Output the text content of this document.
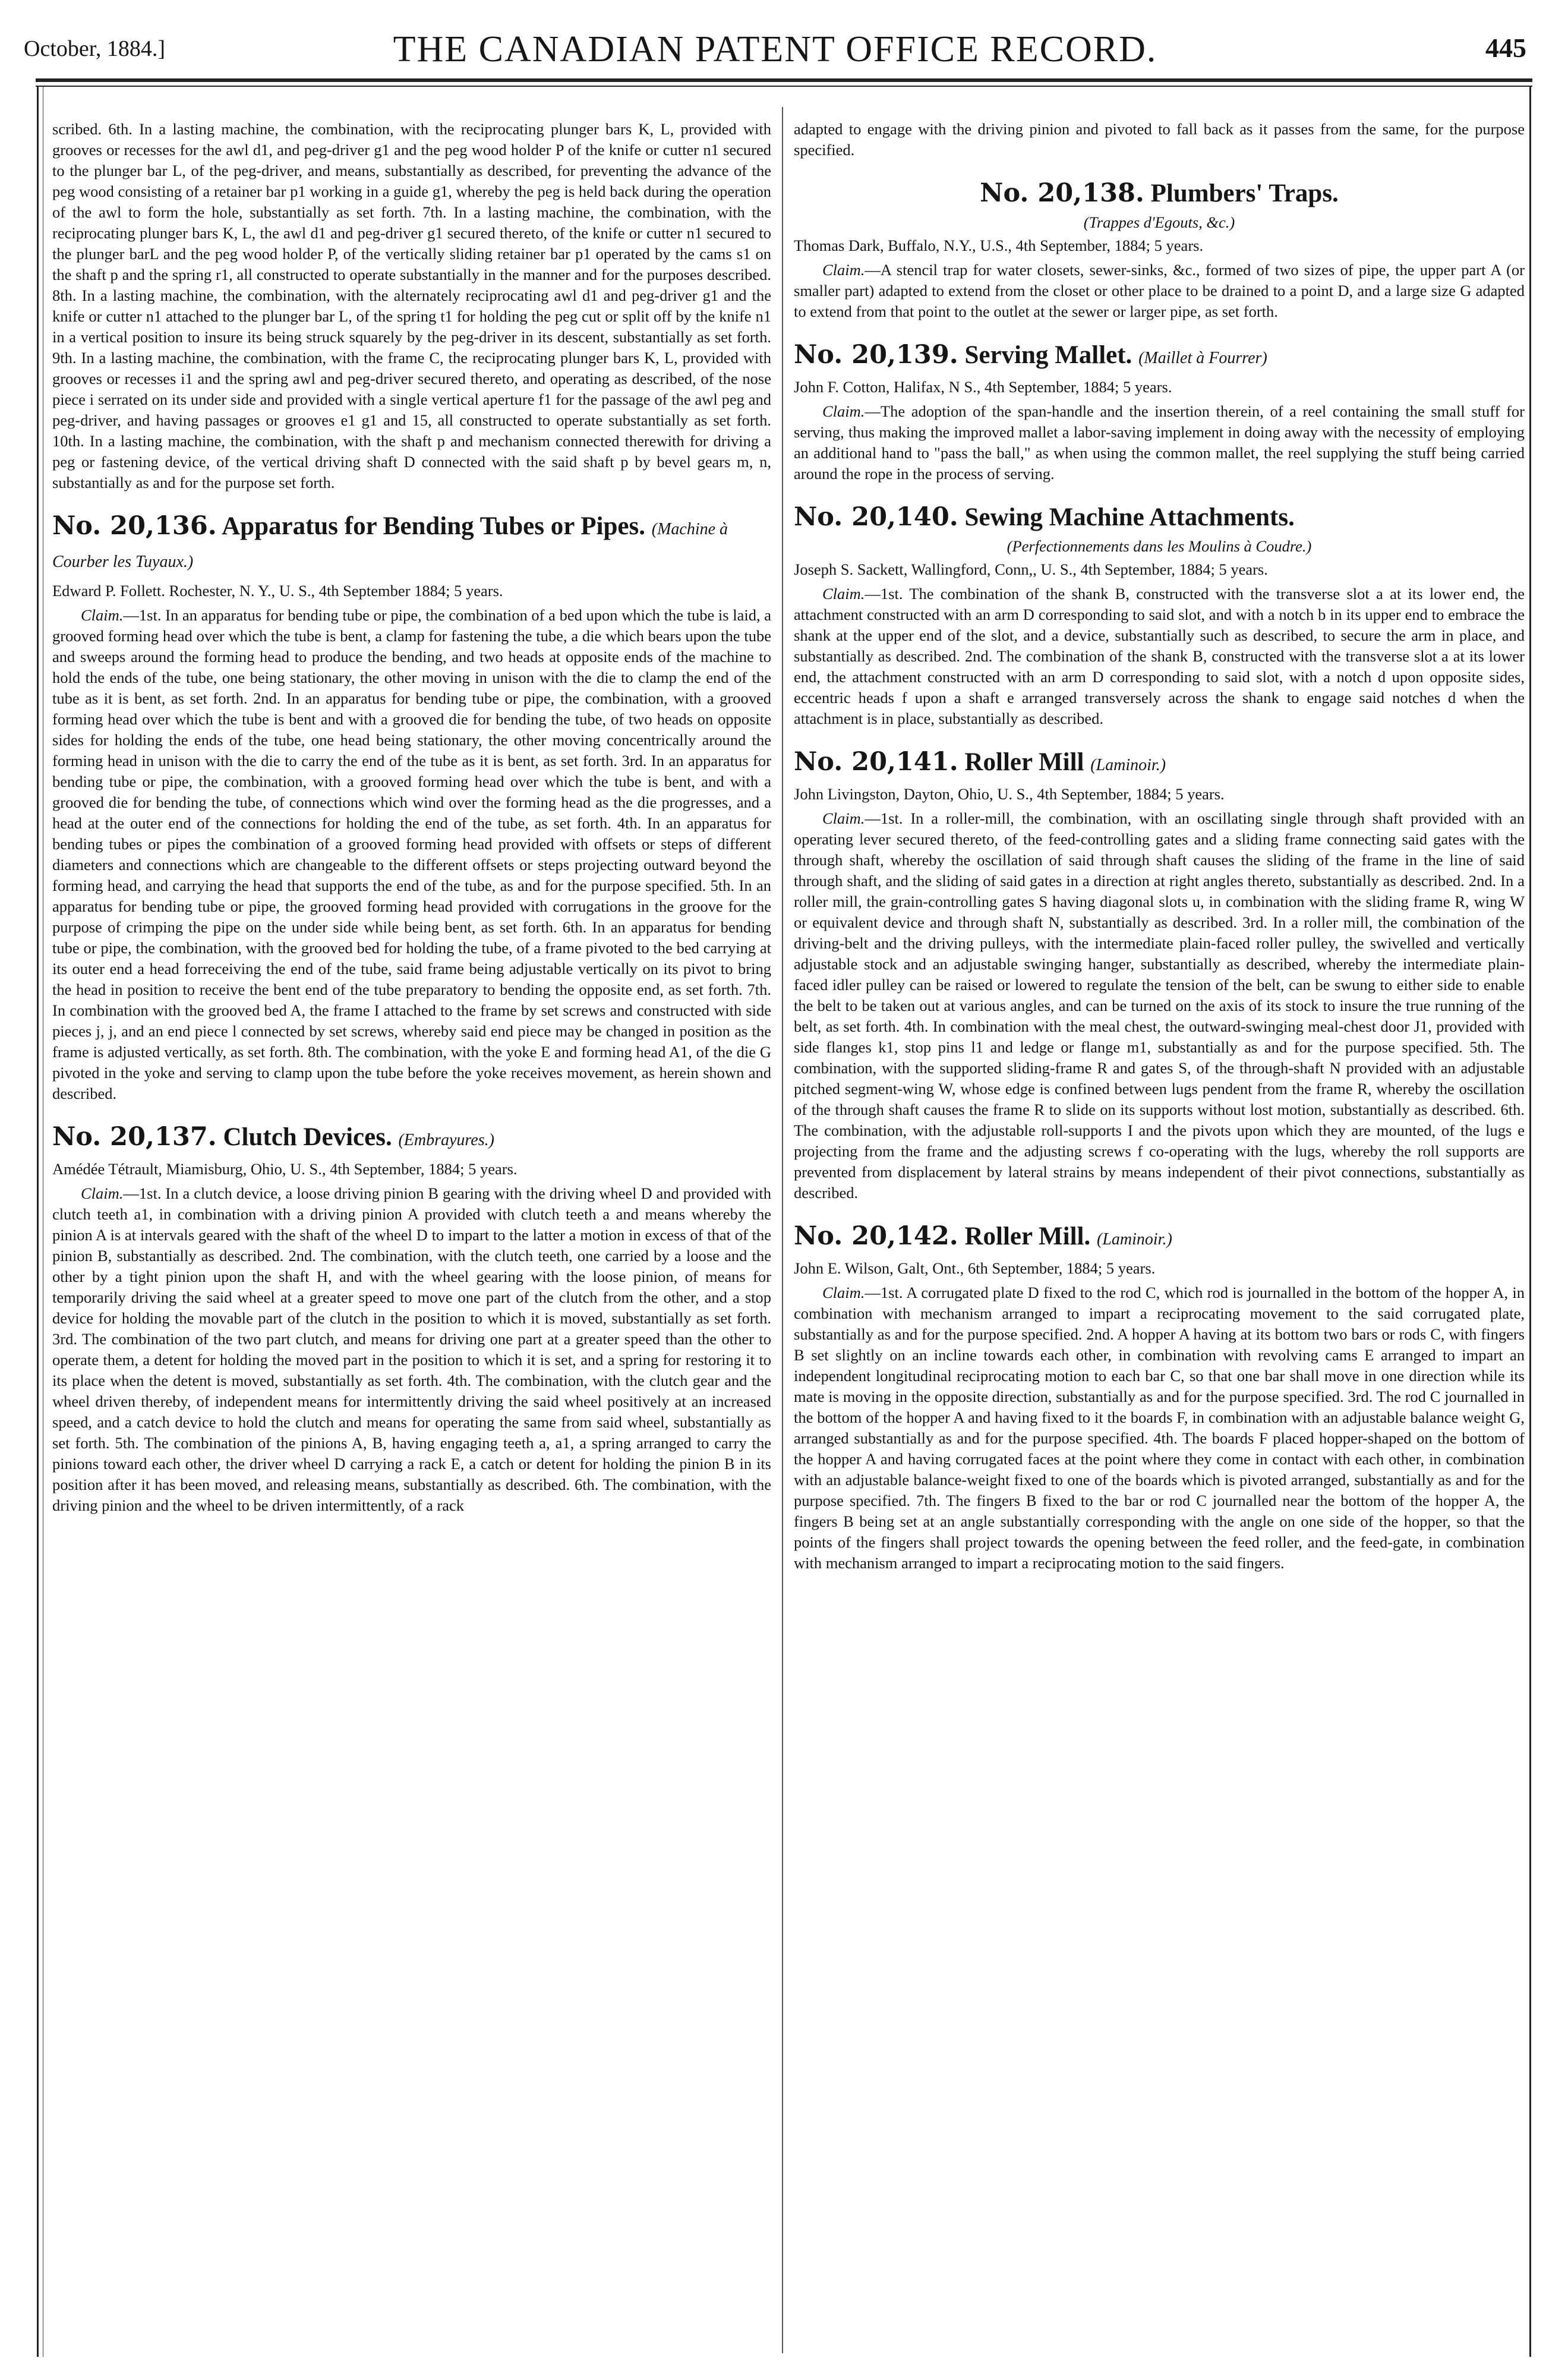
October, 1884.]	THE CANADIAN PATENT OFFICE RECORD.	445

scribed. 6th. In a lasting machine, the combination, with the reciprocating plunger bars K, L, provided with grooves or recesses for the awl d1, and peg-driver g1 and the peg wood holder P of the knife or cutter n1 secured to the plunger bar L, of the peg-driver, and means, substantially as described, for preventing the advance of the peg wood consisting of a retainer bar p1 working in a guide g1, whereby the peg is held back during the operation of the awl to form the hole, substantially as set forth. 7th. In a lasting machine, the combination, with the reciprocating plunger bars K, L, the awl d1 and peg-driver g1 secured thereto, of the knife or cutter n1 secured to the plunger barL and the peg wood holder P, of the vertically sliding retainer bar p1 operated by the cams s1 on the shaft p and the spring r1, all constructed to operate substantially in the manner and for the purposes described. 8th. In a lasting machine, the combination, with the alternately reciprocating awl d1 and peg-driver g1 and the knife or cutter n1 attached to the plunger bar L, of the spring t1 for holding the peg cut or split off by the knife n1 in a vertical position to insure its being struck squarely by the peg-driver in its descent, substantially as set forth. 9th. In a lasting machine, the combination, with the frame C, the reciprocating plunger bars K, L, provided with grooves or recesses i1 and the spring awl and peg-driver secured thereto, and operating as described, of the nose piece i serrated on its under side and provided with a single vertical aperture f1 for the passage of the awl peg and peg-driver, and having passages or grooves e1 g1 and 15, all constructed to operate substantially as set forth. 10th. In a lasting machine, the combination, with the shaft p and mechanism connected therewith for driving a peg or fastening device, of the vertical driving shaft D connected with the said shaft p by bevel gears m, n, substantially as and for the purpose set forth.

No. 20,136. Apparatus for Bending Tubes or Pipes. (Machine à Courber les Tuyaux.)

Edward P. Follett. Rochester, N. Y., U. S., 4th September 1884; 5 years.

Claim.—1st. In an apparatus for bending tube or pipe, the combination of a bed upon which the tube is laid, a grooved forming head over which the tube is bent, a clamp for fastening the tube, a die which bears upon the tube and sweeps around the forming head to produce the bending, and two heads at opposite ends of the machine to hold the ends of the tube, one being stationary, the other moving in unison with the die to clamp the end of the tube as it is bent, as set forth. 2nd. In an apparatus for bending tube or pipe, the combination, with a grooved forming head over which the tube is bent and with a grooved die for bending the tube, of two heads on opposite sides for holding the ends of the tube, one head being stationary, the other moving concentrically around the forming head in unison with the die to carry the end of the tube as it is bent, as set forth. 3rd. In an apparatus for bending tube or pipe, the combination, with a grooved forming head over which the tube is bent, and with a grooved die for bending the tube, of connections which wind over the forming head as the die progresses, and a head at the outer end of the connections for holding the end of the tube, as set forth. 4th. In an apparatus for bending tubes or pipes the combination of a grooved forming head provided with offsets or steps of different diameters and connections which are changeable to the different offsets or steps projecting outward beyond the forming head, and carrying the head that supports the end of the tube, as and for the purpose specified. 5th. In an apparatus for bending tube or pipe, the grooved forming head provided with corrugations in the groove for the purpose of crimping the pipe on the under side while being bent, as set forth. 6th. In an apparatus for bending tube or pipe, the combination, with the grooved bed for holding the tube, of a frame pivoted to the bed carrying at its outer end a head forreceiving the end of the tube, said frame being adjustable vertically on its pivot to bring the head in position to receive the bent end of the tube preparatory to bending the opposite end, as set forth. 7th. In combination with the grooved bed A, the frame I attached to the frame by set screws and constructed with side pieces j, j, and an end piece l connected by set screws, whereby said end piece may be changed in position as the frame is adjusted vertically, as set forth. 8th. The combination, with the yoke E and forming head A1, of the die G pivoted in the yoke and serving to clamp upon the tube before the yoke receives movement, as herein shown and described.

No. 20,137. Clutch Devices. (Embrayures.)

Amédée Tétrault, Miamisburg, Ohio, U. S., 4th September, 1884; 5 years.

Claim.—1st. In a clutch device, a loose driving pinion B gearing with the driving wheel D and provided with clutch teeth a1, in combination with a driving pinion A provided with clutch teeth a and means whereby the pinion A is at intervals geared with the shaft of the wheel D to impart to the latter a motion in excess of that of the pinion B, substantially as described. 2nd. The combination, with the clutch teeth, one carried by a loose and the other by a tight pinion upon the shaft H, and with the wheel gearing with the loose pinion, of means for temporarily driving the said wheel at a greater speed to move one part of the clutch from the other, and a stop device for holding the movable part of the clutch in the position to which it is moved, substantially as set forth. 3rd. The combination of the two part clutch, and means for driving one part at a greater speed than the other to operate them, a detent for holding the moved part in the position to which it is set, and a spring for restoring it to its place when the detent is moved, substantially as set forth. 4th. The combination, with the clutch gear and the wheel driven thereby, of independent means for intermittently driving the said wheel positively at an increased speed, and a catch device to hold the clutch and means for operating the same from said wheel, substantially as set forth. 5th. The combination of the pinions A, B, having engaging teeth a, a1, a spring arranged to carry the pinions toward each other, the driver wheel D carrying a rack E, a catch or detent for holding the pinion B in its position after it has been moved, and releasing means, substantially as described. 6th. The combination, with the driving pinion and the wheel to be driven intermittently, of a rack

adapted to engage with the driving pinion and pivoted to fall back as it passes from the same, for the purpose specified.

No. 20,138. Plumbers' Traps.

(Trappes d'Egouts, &c.)

Thomas Dark, Buffalo, N.Y., U.S., 4th September, 1884; 5 years.

Claim.—A stencil trap for water closets, sewer-sinks, &c., formed of two sizes of pipe, the upper part A (or smaller part) adapted to extend from the closet or other place to be drained to a point D, and a large size G adapted to extend from that point to the outlet at the sewer or larger pipe, as set forth.

No. 20,139. Serving Mallet. (Maillet à Fourrer)

John F. Cotton, Halifax, N S., 4th September, 1884; 5 years.

Claim.—The adoption of the span-handle and the insertion therein, of a reel containing the small stuff for serving, thus making the improved mallet a labor-saving implement in doing away with the necessity of employing an additional hand to "pass the ball," as when using the common mallet, the reel supplying the stuff being carried around the rope in the process of serving.

No. 20,140. Sewing Machine Attachments.

(Perfectionnements dans les Moulins à Coudre.)

Joseph S. Sackett, Wallingford, Conn,, U. S., 4th September, 1884; 5 years.

Claim.—1st. The combination of the shank B, constructed with the transverse slot a at its lower end, the attachment constructed with an arm D corresponding to said slot, and with a notch b in its upper end to embrace the shank at the upper end of the slot, and a device, substantially such as described, to secure the arm in place, and substantially as described. 2nd. The combination of the shank B, constructed with the transverse slot a at its lower end, the attachment constructed with an arm D corresponding to said slot, with a notch d upon opposite sides, eccentric heads f upon a shaft e arranged transversely across the shank to engage said notches d when the attachment is in place, substantially as described.

No. 20,141. Roller Mill (Laminoir.)

John Livingston, Dayton, Ohio, U. S., 4th September, 1884; 5 years.

Claim.—1st. In a roller-mill, the combination, with an oscillating single through shaft provided with an operating lever secured thereto, of the feed-controlling gates and a sliding frame connecting said gates with the through shaft, whereby the oscillation of said through shaft causes the sliding of the frame in the line of said through shaft, and the sliding of said gates in a direction at right angles thereto, substantially as described. 2nd. In a roller mill, the grain-controlling gates S having diagonal slots u, in combination with the sliding frame R, wing W or equivalent device and through shaft N, substantially as described. 3rd. In a roller mill, the combination of the driving-belt and the driving pulleys, with the intermediate plain-faced roller pulley, the swivelled and vertically adjustable stock and an adjustable swinging hanger, substantially as described, whereby the intermediate plain-faced idler pulley can be raised or lowered to regulate the tension of the belt, can be swung to either side to enable the belt to be taken out at various angles, and can be turned on the axis of its stock to insure the true running of the belt, as set forth. 4th. In combination with the meal chest, the outward-swinging meal-chest door J1, provided with side flanges k1, stop pins l1 and ledge or flange m1, substantially as and for the purpose specified. 5th. The combination, with the supported sliding-frame R and gates S, of the through-shaft N provided with an adjustable pitched segment-wing W, whose edge is confined between lugs pendent from the frame R, whereby the oscillation of the through shaft causes the frame R to slide on its supports without lost motion, substantially as described. 6th. The combination, with the adjustable roll-supports I and the pivots upon which they are mounted, of the lugs e projecting from the frame and the adjusting screws f co-operating with the lugs, whereby the roll supports are prevented from displacement by lateral strains by means independent of their pivot connections, substantially as described.

No. 20,142. Roller Mill. (Laminoir.)

John E. Wilson, Galt, Ont., 6th September, 1884; 5 years.

Claim.—1st. A corrugated plate D fixed to the rod C, which rod is journalled in the bottom of the hopper A, in combination with mechanism arranged to impart a reciprocating movement to the said corrugated plate, substantially as and for the purpose specified. 2nd. A hopper A having at its bottom two bars or rods C, with fingers B set slightly on an incline towards each other, in combination with revolving cams E arranged to impart an independent longitudinal reciprocating motion to each bar C, so that one bar shall move in one direction while its mate is moving in the opposite direction, substantially as and for the purpose specified. 3rd. The rod C journalled in the bottom of the hopper A and having fixed to it the boards F, in combination with an adjustable balance weight G, arranged substantially as and for the purpose specified. 4th. The boards F placed hopper-shaped on the bottom of the hopper A and having corrugated faces at the point where they come in contact with each other, in combination with an adjustable balance-weight fixed to one of the boards which is pivoted arranged, substantially as and for the purpose specified. 7th. The fingers B fixed to the bar or rod C journalled near the bottom of the hopper A, the fingers B being set at an angle substantially corresponding with the angle on one side of the hopper, so that the points of the fingers shall project towards the opening between the feed roller, and the feed-gate, in combination with mechanism arranged to impart a reciprocating motion to the said fingers.
